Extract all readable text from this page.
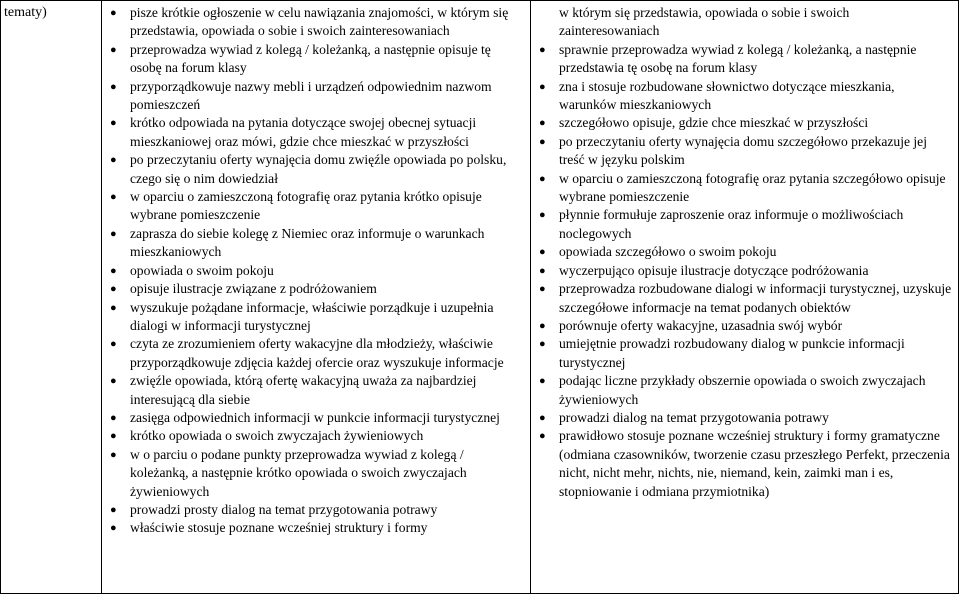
tematy)	● pisze krótkie ogłoszenie w celu nawiązania znajomości, w którym się przedstawia, opowiada o sobie i swoich zainteresowaniach
● przeprowadza wywiad z kolegą / koleżanką, a następnie opisuje tę osobę na forum klasy
● przyporządkowuje nazwy mebli i urządzeń odpowiednim nazwom pomieszczeń
● krótko odpowiada na pytania dotyczące swojej obecnej sytuacji mieszkaniowej oraz mówi, gdzie chce mieszkać w przyszłości
● po przeczytaniu oferty wynajęcia domu zwięźle opowiada po polsku, czego się o nim dowiedział
● w oparciu o zamieszczoną fotografię oraz pytania krótko opisuje wybrane pomieszczenie
● zaprasza do siebie kolegę z Niemiec oraz informuje o warunkach mieszkaniowych
● opowiada o swoim pokoju
● opisuje ilustracje związane z podróżowaniem
● wyszukuje pożądane informacje, właściwie porządkuje i uzupełnia dialogi w informacji turystycznej
● czyta ze zrozumieniem oferty wakacyjne dla młodzieży, właściwie przyporządkowuje zdjęcia każdej ofercie oraz wyszukuje informacje
● zwięźle opowiada, którą ofertę wakacyjną uważa za najbardziej interesującą dla siebie
● zasięga odpowiednich informacji w punkcie informacji turystycznej
● krótko opowiada o swoich zwyczajach żywieniowych
● w o parciu o podane punkty przeprowadza wywiad z kolegą / koleżanką, a następnie krótko opowiada o swoich zwyczajach żywieniowych
● prowadzi prosty dialog na temat przygotowania potrawy
● właściwie stosuje poznane wcześniej struktury i formy
w którym się przedstawia, opowiada o sobie i swoich zainteresowaniach
● sprawnie przeprowadza wywiad z kolegą / koleżanką, a następnie przedstawia tę osobę na forum klasy
● zna i stosuje rozbudowane słownictwo dotyczące mieszkania, warunków mieszkaniowych
● szczegółowo opisuje, gdzie chce mieszkać w przyszłości
● po przeczytaniu oferty wynajęcia domu szczegółowo przekazuje jej treść w języku polskim
● w oparciu o zamieszczoną fotografię oraz pytania szczegółowo opisuje wybrane pomieszczenie
● płynnie formułuje zaproszenie oraz informuje o możliwościach noclegowych
● opowiada szczegółowo o swoim pokoju
● wyczerpująco opisuje ilustracje dotyczące podróżowania
● przeprowadza rozbudowane dialogi w informacji turystycznej, uzyskuje szczegółowe informacje na temat podanych obiektów
● porównuje oferty wakacyjne, uzasadnia swój wybór
● umiejętnie prowadzi rozbudowany dialog w punkcie informacji turystycznej
● podając liczne przykłady obszernie opowiada o swoich zwyczajach żywieniowych
● prowadzi dialog na temat przygotowania potrawy
● prawidłowo stosuje poznane wcześniej struktury i formy gramatyczne (odmiana czasowników, tworzenie czasu przeszłego Perfekt, przeczenia nicht, nicht mehr, nichts, nie, niemand, kein, zaimki man i es, stopniowanie i odmiana przymiotnika)
